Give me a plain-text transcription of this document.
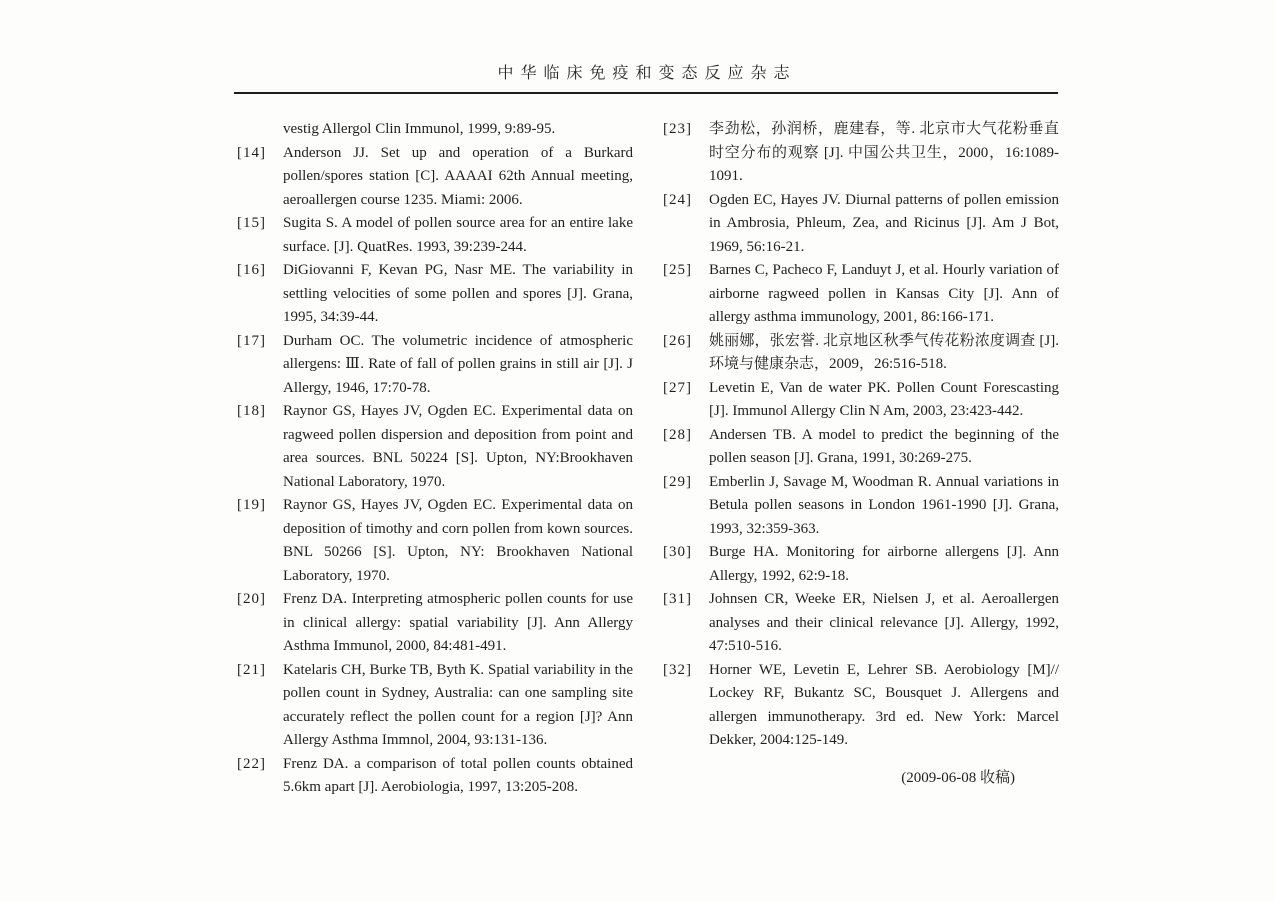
中华临床免疫和变态反应杂志
vestig Allergol Clin Immunol, 1999, 9:89-95.
[14] Anderson JJ. Set up and operation of a Burkard pollen/spores station [C]. AAAAI 62th Annual meeting, aeroallergen course 1235. Miami: 2006.
[15] Sugita S. A model of pollen source area for an entire lake surface. [J]. QuatRes. 1993, 39:239-244.
[16] DiGiovanni F, Kevan PG, Nasr ME. The variability in settling velocities of some pollen and spores [J]. Grana, 1995, 34:39-44.
[17] Durham OC. The volumetric incidence of atmospheric allergens: Ⅲ. Rate of fall of pollen grains in still air [J]. J Allergy, 1946, 17:70-78.
[18] Raynor GS, Hayes JV, Ogden EC. Experimental data on ragweed pollen dispersion and deposition from point and area sources. BNL 50224 [S]. Upton, NY:Brookhaven National Laboratory, 1970.
[19] Raynor GS, Hayes JV, Ogden EC. Experimental data on deposition of timothy and corn pollen from kown sources. BNL 50266 [S]. Upton, NY: Brookhaven National Laboratory, 1970.
[20] Frenz DA. Interpreting atmospheric pollen counts for use in clinical allergy: spatial variability [J]. Ann Allergy Asthma Immunol, 2000, 84:481-491.
[21] Katelaris CH, Burke TB, Byth K. Spatial variability in the pollen count in Sydney, Australia: can one sampling site accurately reflect the pollen count for a region [J]? Ann Allergy Asthma Immnol, 2004, 93:131-136.
[22] Frenz DA. a comparison of total pollen counts obtained 5.6km apart [J]. Aerobiologia, 1997, 13:205-208.
[23] 李劲松，孙润桥，鹿建春，等. 北京市大气花粉垂直时空分布的观察 [J]. 中国公共卫生，2000，16:1089-1091.
[24] Ogden EC, Hayes JV. Diurnal patterns of pollen emission in Ambrosia, Phleum, Zea, and Ricinus [J]. Am J Bot, 1969, 56:16-21.
[25] Barnes C, Pacheco F, Landuyt J, et al. Hourly variation of airborne ragweed pollen in Kansas City [J]. Ann of allergy asthma immunology, 2001, 86:166-171.
[26] 姚丽娜，张宏誉. 北京地区秋季气传花粉浓度调查 [J]. 环境与健康杂志，2009，26:516-518.
[27] Levetin E, Van de water PK. Pollen Count Forescasting [J]. Immunol Allergy Clin N Am, 2003, 23:423-442.
[28] Andersen TB. A model to predict the beginning of the pollen season [J]. Grana, 1991, 30:269-275.
[29] Emberlin J, Savage M, Woodman R. Annual variations in Betula pollen seasons in London 1961-1990 [J]. Grana, 1993, 32:359-363.
[30] Burge HA. Monitoring for airborne allergens [J]. Ann Allergy, 1992, 62:9-18.
[31] Johnsen CR, Weeke ER, Nielsen J, et al. Aeroallergen analyses and their clinical relevance [J]. Allergy, 1992, 47:510-516.
[32] Horner WE, Levetin E, Lehrer SB. Aerobiology [M]// Lockey RF, Bukantz SC, Bousquet J. Allergens and allergen immunotherapy. 3rd ed. New York: Marcel Dekker, 2004:125-149.
(2009-06-08 收稿)
